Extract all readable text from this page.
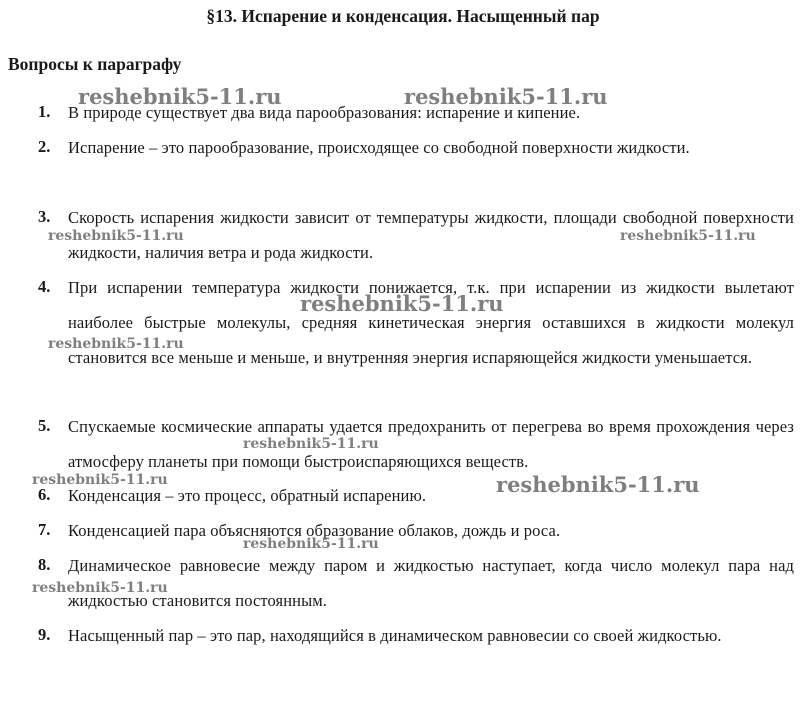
§13. Испарение и конденсация. Насыщенный пар
Вопросы к параграфу
1.	В природе существует два вида парообразования: испарение и кипение.
2.	Испарение – это парообразование, происходящее со свободной поверхности жидкости.
3.	Скорость испарения жидкости зависит от температуры жидкости, площади свободной поверхности жидкости, наличия ветра и рода жидкости.
4.	При испарении температура жидкости понижается, т.к. при испарении из жидкости вылетают наиболее быстрые молекулы, средняя кинетическая энергия оставшихся в жидкости молекул становится все меньше и меньше, и внутренняя энергия испаряющейся жидкости уменьшается.
5.	Спускаемые космические аппараты удается предохранить от перегрева во время прохождения через атмосферу планеты при помощи быстроиспаряющихся веществ.
6.	Конденсация – это процесс, обратный испарению.
7.	Конденсацией пара объясняются образование облаков, дождь и роса.
8.	Динамическое равновесие между паром и жидкостью наступает, когда число молекул пара над жидкостью становится постоянным.
9.	Насыщенный пар – это пар, находящийся в динамическом равновесии со своей жидкостью.
reshebnik5-11.ru	reshebnik5-11.ru
reshebnik5-11.ru	reshebnik5-11.ru
reshebnik5-11.ru
reshebnik5-11.ru
reshebnik5-11.ru
reshebnik5-11.ru	reshebnik5-11.ru
reshebnik5-11.ru
reshebnik5-11.ru
